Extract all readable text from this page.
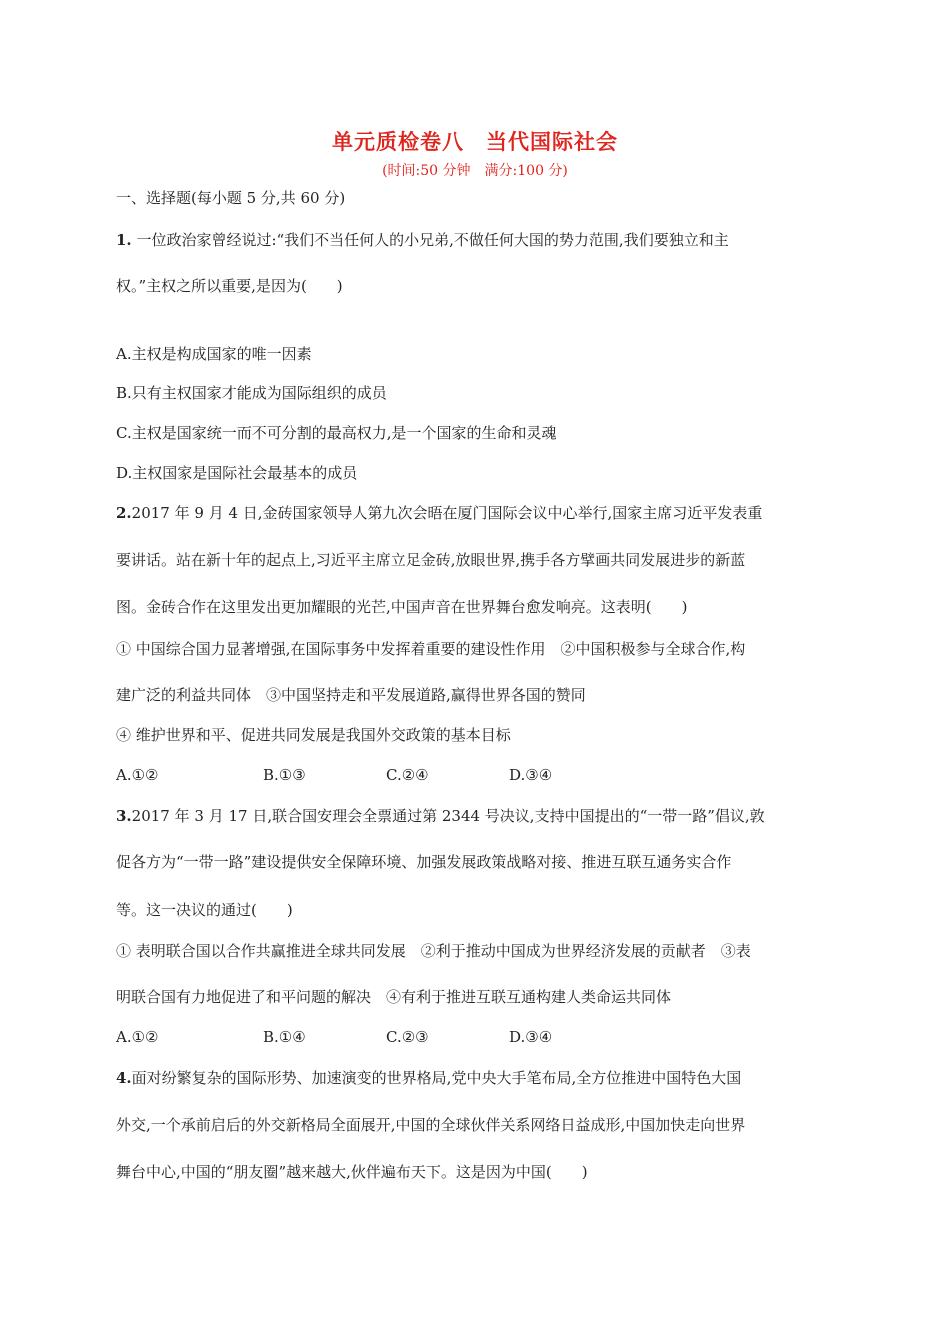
单元质检卷八　当代国际社会
(时间:50 分钟　满分:100 分)
一、选择题(每小题 5 分,共 60 分)
1. 一位政治家曾经说过:“我们不当任何人的小兄弟,不做任何大国的势力范围,我们要独立和主
权。”主权之所以重要,是因为(　　)
A.主权是构成国家的唯一因素
B.只有主权国家才能成为国际组织的成员
C.主权是国家统一而不可分割的最高权力,是一个国家的生命和灵魂
D.主权国家是国际社会最基本的成员
2.2017 年 9 月 4 日,金砖国家领导人第九次会晤在厦门国际会议中心举行,国家主席习近平发表重
要讲话。站在新十年的起点上,习近平主席立足金砖,放眼世界,携手各方擘画共同发展进步的新蓝
图。金砖合作在这里发出更加耀眼的光芒,中国声音在世界舞台愈发响亮。这表明(　　)
① 中国综合国力显著增强,在国际事务中发挥着重要的建设性作用　②中国积极参与全球合作,构
建广泛的利益共同体　③中国坚持走和平发展道路,赢得世界各国的赞同
④ 维护世界和平、促进共同发展是我国外交政策的基本目标
A.①②	B.①③	C.②④	D.③④
3.2017 年 3 月 17 日,联合国安理会全票通过第 2344 号决议,支持中国提出的“一带一路”倡议,敦
促各方为“一带一路”建设提供安全保障环境、加强发展政策战略对接、推进互联互通务实合作
等。这一决议的通过(　　)
① 表明联合国以合作共赢推进全球共同发展　②利于推动中国成为世界经济发展的贡献者　③表
明联合国有力地促进了和平问题的解决　④有利于推进互联互通构建人类命运共同体
A.①②	B.①④	C.②③	D.③④
4.面对纷繁复杂的国际形势、加速演变的世界格局,党中央大手笔布局,全方位推进中国特色大国
外交,一个承前启后的外交新格局全面展开,中国的全球伙伴关系网络日益成形,中国加快走向世界
舞台中心,中国的“朋友圈”越来越大,伙伴遍布天下。这是因为中国(　　)
